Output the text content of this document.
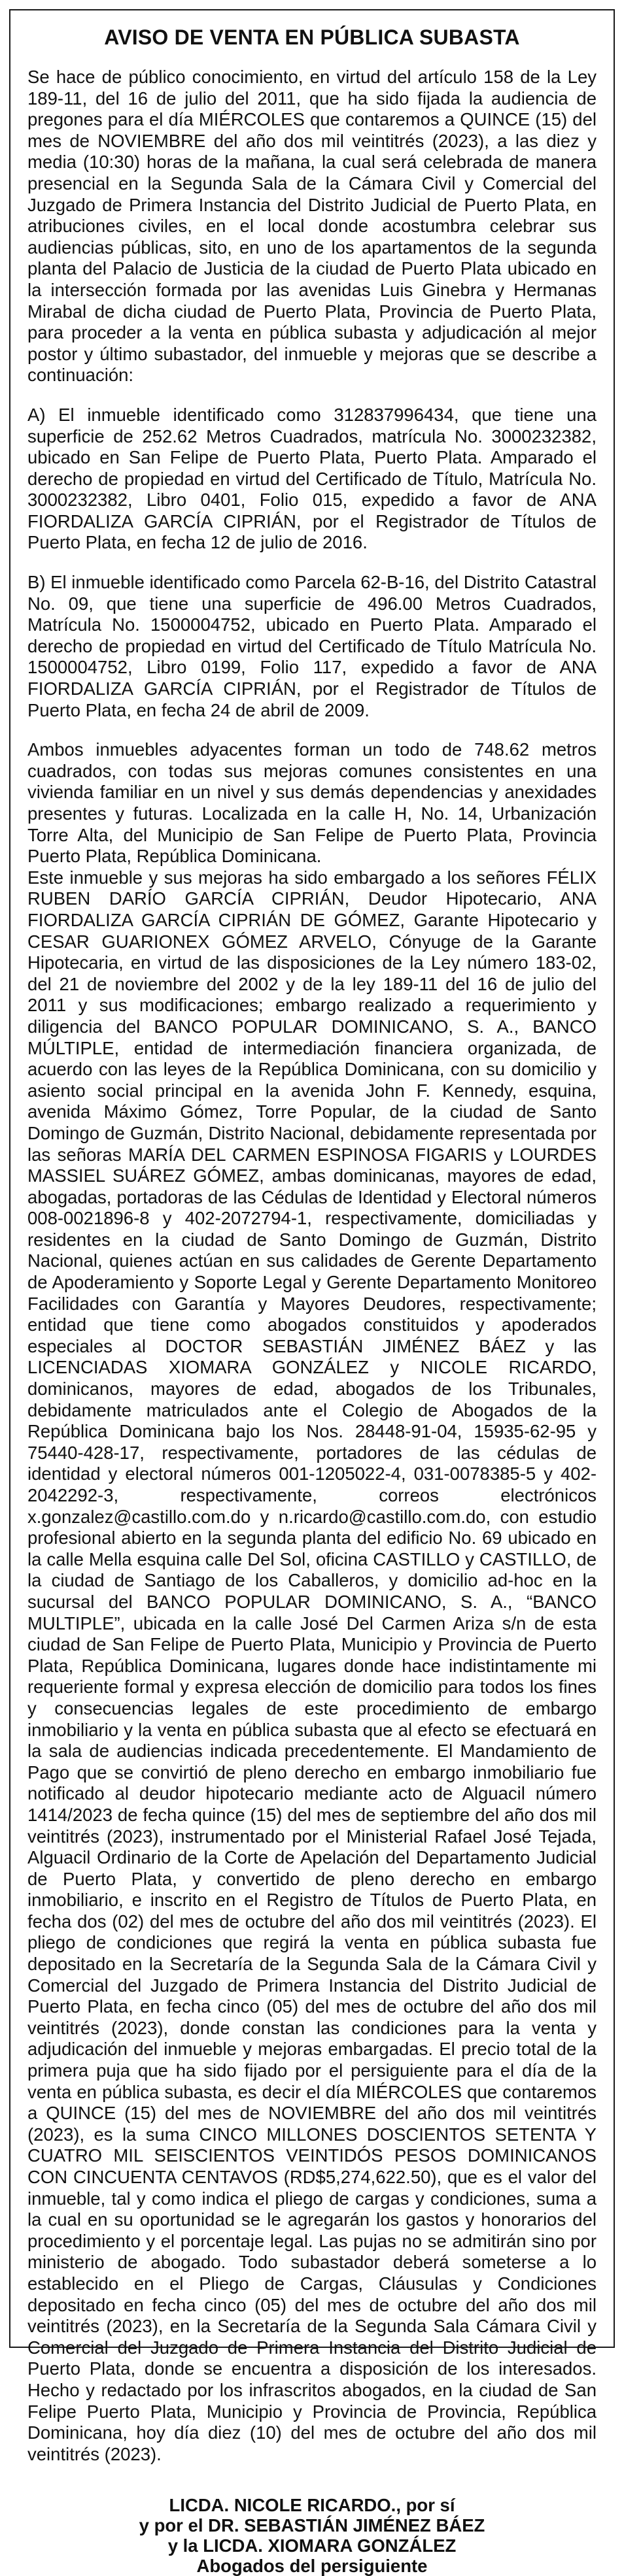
AVISO DE VENTA EN PÚBLICA SUBASTA

Se hace de público conocimiento, en virtud del artículo 158 de la Ley 189-11, del 16 de julio del 2011, que ha sido fijada la audiencia de pregones para el día MIÉRCOLES que contaremos a QUINCE (15) del mes de NOVIEMBRE del año dos mil veintitrés (2023), a las diez y media (10:30) horas de la mañana, la cual será celebrada de manera presencial en la Segunda Sala de la Cámara Civil y Comercial del Juzgado de Primera Instancia del Distrito Judicial de Puerto Plata, en atribuciones civiles, en el local donde acostumbra celebrar sus audiencias públicas, sito, en uno de los apartamentos de la segunda planta del Palacio de Justicia de la ciudad de Puerto Plata ubicado en la intersección formada por las avenidas Luis Ginebra y Hermanas Mirabal de dicha ciudad de Puerto Plata, Provincia de Puerto Plata, para proceder a la venta en pública subasta y adjudicación al mejor postor y último subastador, del inmueble y mejoras que se describe a continuación:

A) El inmueble identificado como 312837996434, que tiene una superficie de 252.62 Metros Cuadrados, matrícula No. 3000232382, ubicado en San Felipe de Puerto Plata, Puerto Plata. Amparado el derecho de propiedad en virtud del Certificado de Título, Matrícula No. 3000232382, Libro 0401, Folio 015, expedido a favor de ANA FIORDALIZA GARCÍA CIPRIÁN, por el Registrador de Títulos de Puerto Plata, en fecha 12 de julio de 2016.

B) El inmueble identificado como Parcela 62-B-16, del Distrito Catastral No. 09, que tiene una superficie de 496.00 Metros Cuadrados, Matrícula No. 1500004752, ubicado en Puerto Plata. Amparado el derecho de propiedad en virtud del Certificado de Título Matrícula No. 1500004752, Libro 0199, Folio 117, expedido a favor de ANA FIORDALIZA GARCÍA CIPRIÁN, por el Registrador de Títulos de Puerto Plata, en fecha 24 de abril de 2009.

Ambos inmuebles adyacentes forman un todo de 748.62 metros cuadrados, con todas sus mejoras comunes consistentes en una vivienda familiar en un nivel y sus demás dependencias y anexidades presentes y futuras. Localizada en la calle H, No. 14, Urbanización Torre Alta, del Municipio de San Felipe de Puerto Plata, Provincia Puerto Plata, República Dominicana.

Este inmueble y sus mejoras ha sido embargado a los señores FÉLIX RUBEN DARÍO GARCÍA CIPRIÁN, Deudor Hipotecario, ANA FIORDALIZA GARCÍA CIPRIÁN DE GÓMEZ, Garante Hipotecario y CESAR GUARIONEX GÓMEZ ARVELO, Cónyuge de la Garante Hipotecaria, en virtud de las disposiciones de la Ley número 183-02, del 21 de noviembre del 2002 y de la ley 189-11 del 16 de julio del 2011 y sus modificaciones; embargo realizado a requerimiento y diligencia del BANCO POPULAR DOMINICANO, S. A., BANCO MÚLTIPLE, entidad de intermediación financiera organizada, de acuerdo con las leyes de la República Dominicana, con su domicilio y asiento social principal en la avenida John F. Kennedy, esquina, avenida Máximo Gómez, Torre Popular, de la ciudad de Santo Domingo de Guzmán, Distrito Nacional, debidamente representada por las señoras MARÍA DEL CARMEN ESPINOSA FIGARIS y LOURDES MASSIEL SUÁREZ GÓMEZ, ambas dominicanas, mayores de edad, abogadas, portadoras de las Cédulas de Identidad y Electoral números 008-0021896-8 y 402-2072794-1, respectivamente, domiciliadas y residentes en la ciudad de Santo Domingo de Guzmán, Distrito Nacional, quienes actúan en sus calidades de Gerente Departamento de Apoderamiento y Soporte Legal y Gerente Departamento Monitoreo Facilidades con Garantía y Mayores Deudores, respectivamente; entidad que tiene como abogados constituidos y apoderados especiales al DOCTOR SEBASTIÁN JIMÉNEZ BÁEZ y las LICENCIADAS XIOMARA GONZÁLEZ y NICOLE RICARDO, dominicanos, mayores de edad, abogados de los Tribunales, debidamente matriculados ante el Colegio de Abogados de la República Dominicana bajo los Nos. 28448-91-04, 15935-62-95 y 75440-428-17, respectivamente, portadores de las cédulas de identidad y electoral números 001-1205022-4, 031-0078385-5 y 402-2042292-3, respectivamente, correos electrónicos x.gonzalez@castillo.com.do y n.ricardo@castillo.com.do, con estudio profesional abierto en la segunda planta del edificio No. 69 ubicado en la calle Mella esquina calle Del Sol, oficina CASTILLO y CASTILLO, de la ciudad de Santiago de los Caballeros, y domicilio ad-hoc en la sucursal del BANCO POPULAR DOMINICANO, S. A., “BANCO MULTIPLE”, ubicada en la calle José Del Carmen Ariza s/n de esta ciudad de San Felipe de Puerto Plata, Municipio y Provincia de Puerto Plata, República Dominicana, lugares donde hace indistintamente mi requeriente formal y expresa elección de domicilio para todos los fines y consecuencias legales de este procedimiento de embargo inmobiliario y la venta en pública subasta que al efecto se efectuará en la sala de audiencias indicada precedentemente. El Mandamiento de Pago que se convirtió de pleno derecho en embargo inmobiliario fue notificado al deudor hipotecario mediante acto de Alguacil número 1414/2023 de fecha quince (15) del mes de septiembre del año dos mil veintitrés (2023), instrumentado por el Ministerial Rafael José Tejada, Alguacil Ordinario de la Corte de Apelación del Departamento Judicial de Puerto Plata, y convertido de pleno derecho en embargo inmobiliario, e inscrito en el Registro de Títulos de Puerto Plata, en fecha dos (02) del mes de octubre del año dos mil veintitrés (2023). El pliego de condiciones que regirá la venta en pública subasta fue depositado en la Secretaría de la Segunda Sala de la Cámara Civil y Comercial del Juzgado de Primera Instancia del Distrito Judicial de Puerto Plata, en fecha cinco (05) del mes de octubre del año dos mil veintitrés (2023), donde constan las condiciones para la venta y adjudicación del inmueble y mejoras embargadas. El precio total de la primera puja que ha sido fijado por el persiguiente para el día de la venta en pública subasta, es decir el día MIÉRCOLES que contaremos a QUINCE (15) del mes de NOVIEMBRE del año dos mil veintitrés (2023), es la suma CINCO MILLONES DOSCIENTOS SETENTA Y CUATRO MIL SEISCIENTOS VEINTIDÓS PESOS DOMINICANOS CON CINCUENTA CENTAVOS (RD$5,274,622.50), que es el valor del inmueble, tal y como indica el pliego de cargas y condiciones, suma a la cual en su oportunidad se le agregarán los gastos y honorarios del procedimiento y el porcentaje legal. Las pujas no se admitirán sino por ministerio de abogado. Todo subastador deberá someterse a lo establecido en el Pliego de Cargas, Cláusulas y Condiciones depositado en fecha cinco (05) del mes de octubre del año dos mil veintitrés (2023), en la Secretaría de la Segunda Sala Cámara Civil y Comercial del Juzgado de Primera Instancia del Distrito Judicial de Puerto Plata, donde se encuentra a disposición de los interesados. Hecho y redactado por los infrascritos abogados, en la ciudad de San Felipe Puerto Plata, Municipio y Provincia de Provincia, República Dominicana, hoy día diez (10) del mes de octubre del año dos mil veintitrés (2023).

LICDA. NICOLE RICARDO., por sí
y por el DR. SEBASTIÁN JIMÉNEZ BÁEZ
y la LICDA. XIOMARA GONZÁLEZ
Abogados del persiguiente
